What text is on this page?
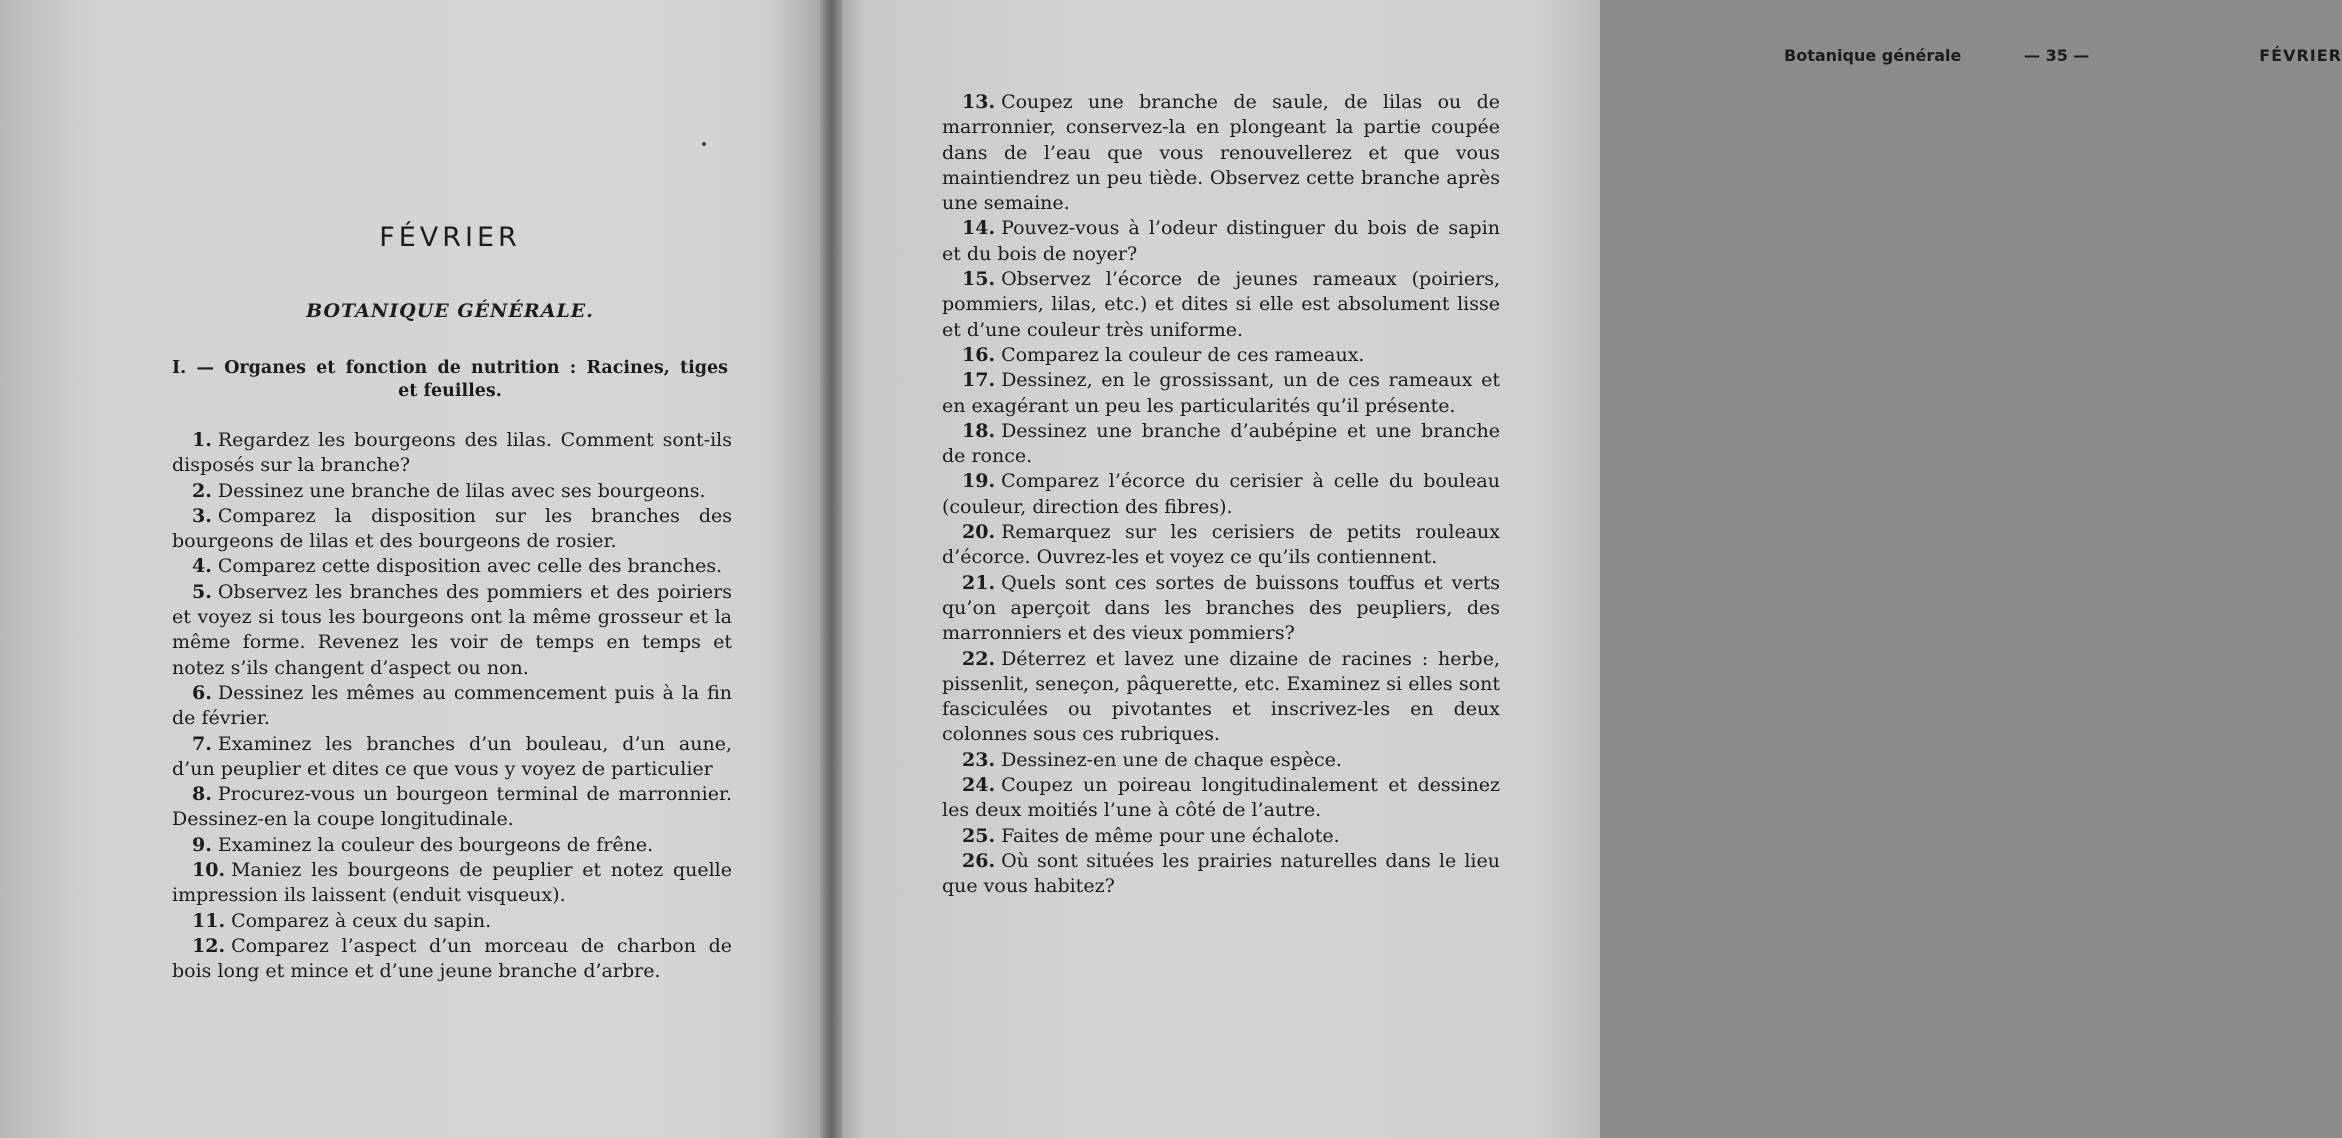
FÉVRIER
BOTANIQUE GÉNÉRALE.
I. — Organes et fonction de nutrition : Racines, tiges
et feuilles.
1. Regardez les bourgeons des lilas. Comment sont-ils disposés sur la branche?
2. Dessinez une branche de lilas avec ses bourgeons.
3. Comparez la disposition sur les branches des bourgeons de lilas et des bourgeons de rosier.
4. Comparez cette disposition avec celle des branches.
5. Observez les branches des pommiers et des poiriers et voyez si tous les bourgeons ont la même grosseur et la même forme. Revenez les voir de temps en temps et notez s’ils changent d’aspect ou non.
6. Dessinez les mêmes au commencement puis à la fin de février.
7. Examinez les branches d’un bouleau, d’un aune, d’un peuplier et dites ce que vous y voyez de particulier
8. Procurez-vous un bourgeon terminal de marronnier. Dessinez-en la coupe longitudinale.
9. Examinez la couleur des bourgeons de frêne.
10. Maniez les bourgeons de peuplier et notez quelle impression ils laissent (enduit visqueux).
11. Comparez à ceux du sapin.
12. Comparez l’aspect d’un morceau de charbon de bois long et mince et d’une jeune branche d’arbre.
Botanique générale	— 35 —	FÉVRIER
13. Coupez une branche de saule, de lilas ou de marronnier, conservez-la en plongeant la partie coupée dans de l’eau que vous renouvellerez et que vous maintiendrez un peu tiède. Observez cette branche après une semaine.
14. Pouvez-vous à l’odeur distinguer du bois de sapin et du bois de noyer?
15. Observez l’écorce de jeunes rameaux (poiriers, pommiers, lilas, etc.) et dites si elle est absolument lisse et d’une couleur très uniforme.
16. Comparez la couleur de ces rameaux.
17. Dessinez, en le grossissant, un de ces rameaux et en exagérant un peu les particularités qu’il présente.
18. Dessinez une branche d’aubépine et une branche de ronce.
19. Comparez l’écorce du cerisier à celle du bouleau (couleur, direction des fibres).
20. Remarquez sur les cerisiers de petits rouleaux d’écorce. Ouvrez-les et voyez ce qu’ils contiennent.
21. Quels sont ces sortes de buissons touffus et verts qu’on aperçoit dans les branches des peupliers, des marronniers et des vieux pommiers?
22. Déterrez et lavez une dizaine de racines : herbe, pissenlit, seneçon, pâquerette, etc. Examinez si elles sont fasciculées ou pivotantes et inscrivez-les en deux colonnes sous ces rubriques.
23. Dessinez-en une de chaque espèce.
24. Coupez un poireau longitudinalement et dessinez les deux moitiés l’une à côté de l’autre.
25. Faites de même pour une échalote.
26. Où sont situées les prairies naturelles dans le lieu que vous habitez?
